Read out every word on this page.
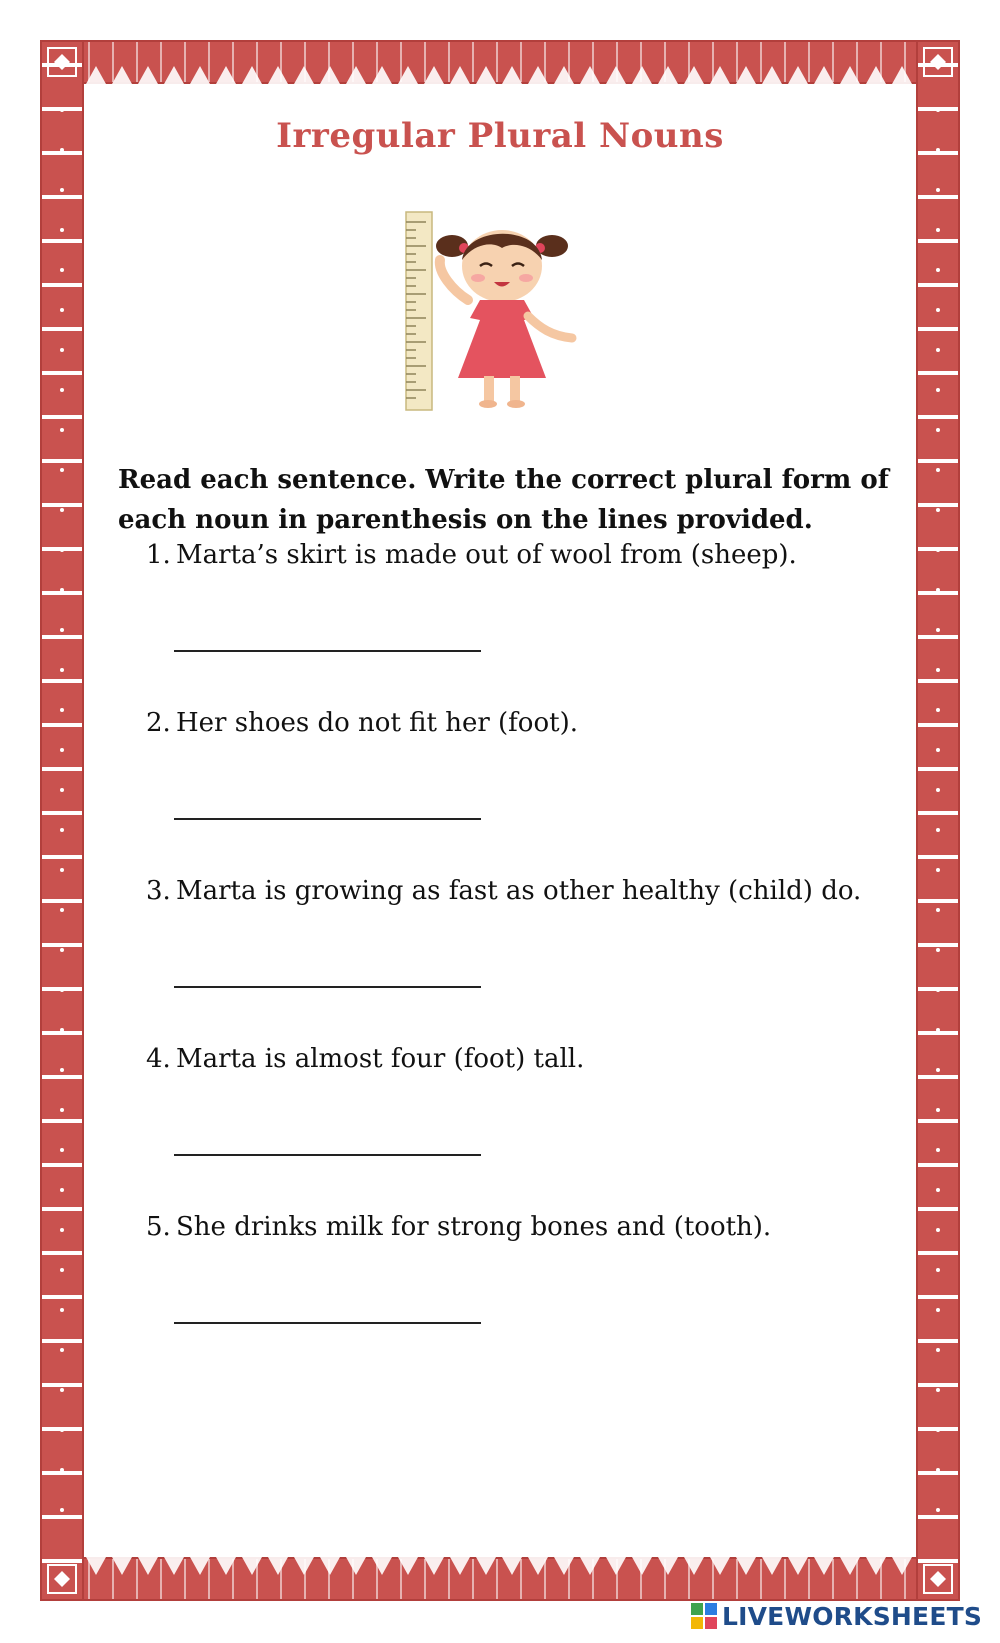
Irregular Plural Nouns
Read each sentence. Write the correct plural form of each noun in parenthesis on the lines provided.
1. Marta’s skirt is made out of wool from (sheep).
2. Her shoes do not fit her (foot).
3. Marta is growing as fast as other healthy (child) do.
4. Marta is almost four (foot) tall.
5. She drinks milk for strong bones and (tooth).
LIVEWORKSHEETS
